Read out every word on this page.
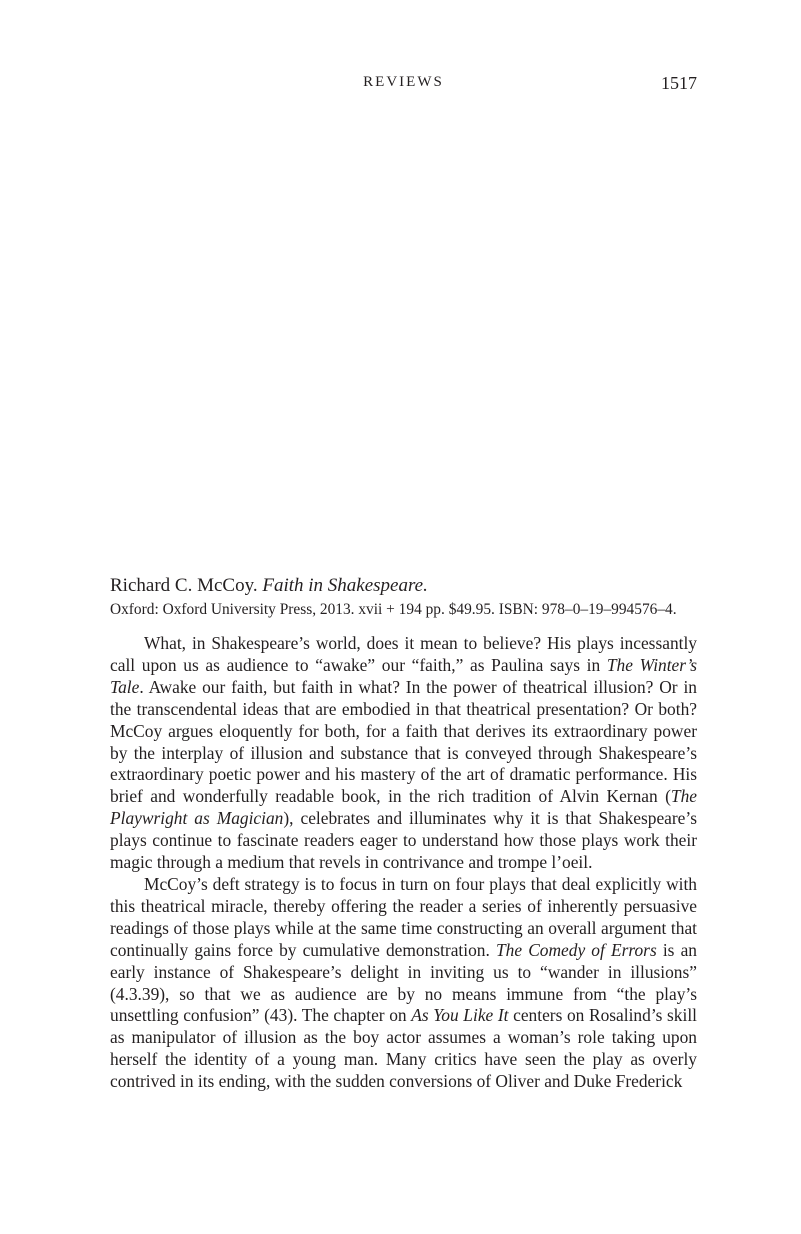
REVIEWS	1517

Richard C. McCoy. Faith in Shakespeare.

Oxford: Oxford University Press, 2013. xvii + 194 pp. $49.95. ISBN: 978–0–19–994576–4.

What, in Shakespeare’s world, does it mean to believe? His plays incessantly call upon us as audience to “awake” our “faith,” as Paulina says in The Winter’s Tale. Awake our faith, but faith in what? In the power of theatrical illusion? Or in the transcendental ideas that are embodied in that theatrical presentation? Or both? McCoy argues eloquently for both, for a faith that derives its extraordinary power by the interplay of illusion and substance that is conveyed through Shakespeare’s extraordinary poetic power and his mastery of the art of dramatic performance. His brief and wonderfully readable book, in the rich tradition of Alvin Kernan (The Playwright as Magician), celebrates and illuminates why it is that Shakespeare’s plays continue to fascinate readers eager to understand how those plays work their magic through a medium that revels in contrivance and trompe l’oeil.

McCoy’s deft strategy is to focus in turn on four plays that deal explicitly with this theatrical miracle, thereby offering the reader a series of inherently persuasive readings of those plays while at the same time constructing an overall argument that continually gains force by cumulative demonstration. The Comedy of Errors is an early instance of Shakespeare’s delight in inviting us to “wander in illusions” (4.3.39), so that we as audience are by no means immune from “the play’s unsettling confusion” (43). The chapter on As You Like It centers on Rosalind’s skill as manipulator of illusion as the boy actor assumes a woman’s role taking upon herself the identity of a young man. Many critics have seen the play as overly contrived in its ending, with the sudden conversions of Oliver and Duke Frederick
